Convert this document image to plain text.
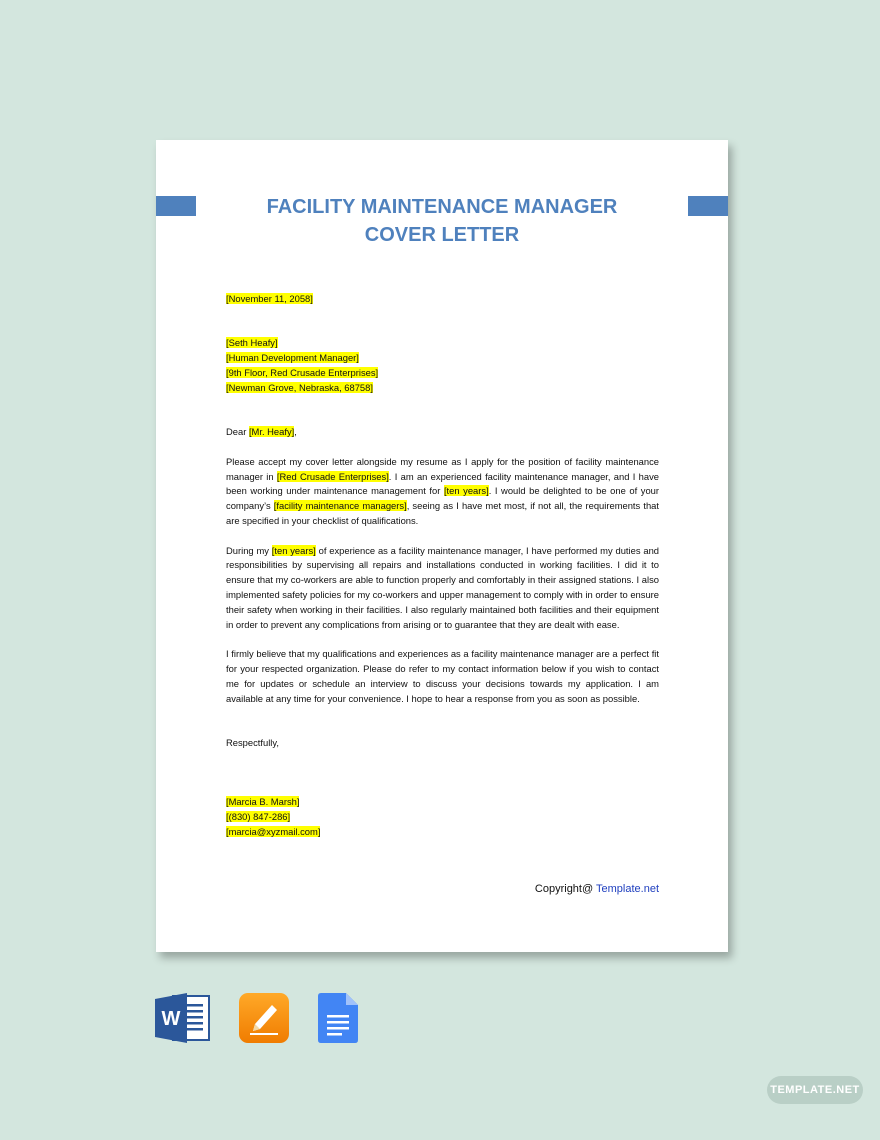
FACILITY MAINTENANCE MANAGER
COVER LETTER

[November 11, 2058]

[Seth Heafy]

[Human Development Manager]

[9th Floor, Red Crusade Enterprises]

[Newman Grove, Nebraska, 68758]

Dear [Mr. Heafy],

Please accept my cover letter alongside my resume as I apply for the position of facility maintenance manager in [Red Crusade Enterprises]. I am an experienced facility maintenance manager, and I have been working under maintenance management for [ten years]. I would be delighted to be one of your company’s [facility maintenance managers], seeing as I have met most, if not all, the requirements that are specified in your checklist of qualifications.

During my [ten years] of experience as a facility maintenance manager, I have performed my duties and responsibilities by supervising all repairs and installations conducted in working facilities. I did it to ensure that my co-workers are able to function properly and comfortably in their assigned stations. I also implemented safety policies for my co-workers and upper management to comply with in order to ensure their safety when working in their facilities. I also regularly maintained both facilities and their equipment in order to prevent any complications from arising or to guarantee that they are dealt with ease.

I firmly believe that my qualifications and experiences as a facility maintenance manager are a perfect fit for your respected organization. Please do refer to my contact information below if you wish to contact me for updates or schedule an interview to discuss your decisions towards my application. I am available at any time for your convenience. I hope to hear a response from you as soon as possible.

Respectfully,

[Marcia B. Marsh]

[(830) 847-286]

[marcia@xyzmail.com]

Copyright@ Template.net
W
TEMPLATE.NET
